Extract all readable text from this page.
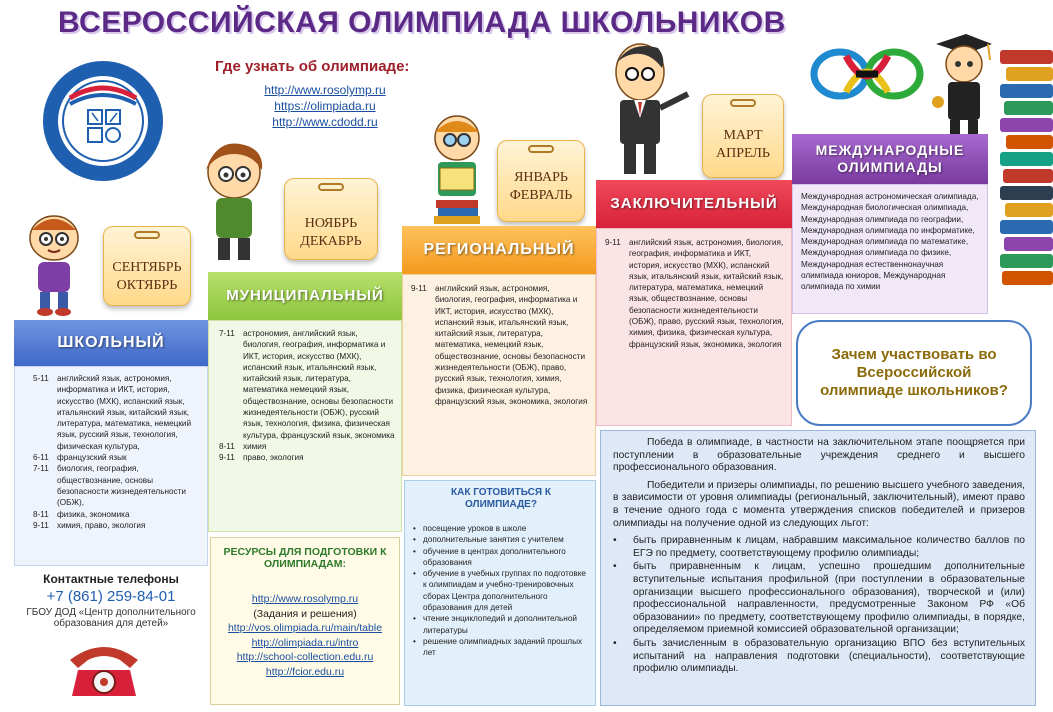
ВСЕРОССИЙСКАЯ ОЛИМПИАДА ШКОЛЬНИКОВ
Где узнать об олимпиаде:
http://www.rosolymp.ru
https://olimpiada.ru
http://www.cdodd.ru
СЕНТЯБРЬ
ОКТЯБРЬ
НОЯБРЬ
ДЕКАБРЬ
ЯНВАРЬ
ФЕВРАЛЬ
МАРТ
АПРЕЛЬ
ШКОЛЬНЫЙ
5-11	английский язык, астрономия, информатика и ИКТ, история, искусство (МХК), испанский язык, итальянский язык, китайский язык, литература, математика, немецкий язык, русский язык, технология, физическая культура,
6-11	французский язык
7-11	биология, география, обществознание, основы безопасности жизнедеятельности (ОБЖ),
8-11	физика, экономика
9-11	химия, право, экология
МУНИЦИПАЛЬНЫЙ
7-11	астрономия, английский язык, биология, география, информатика и ИКТ, история, искусство (МХК), испанский язык, итальянский язык, китайский язык, литература, математика немецкий язык, обществознание, основы безопасности жизнедеятельности (ОБЖ), русский язык, технология, физика, физическая культура, французский язык, экономика
8-11	химия
9-11	право, экология
РЕГИОНАЛЬНЫЙ
9-11	английский язык, астрономия, биология, география, информатика и ИКТ, история, искусство (МХК), испанский язык, итальянский язык, китайский язык, литература, математика, немецкий язык, обществознание, основы безопасности жизнедеятельности (ОБЖ), право, русский язык, технология, химия, физика, физическая культура, французский язык, экономика, экология
ЗАКЛЮЧИТЕЛЬНЫЙ
9-11	английский язык, астрономия, биология, география, информатика и ИКТ, история, искусство (МХК), испанский язык, итальянский язык, китайский язык, литература, математика, немецкий язык, обществознание, основы безопасности жизнедеятельности (ОБЖ), право, русский язык, технология, химия, физика, физическая культура, французский язык, экономика, экология
МЕЖДУНАРОДНЫЕ
ОЛИМПИАДЫ
Международная астрономическая олимпиада, Международная биологическая олимпиада, Международная олимпиада по географии, Международная олимпиада по информатике, Международная олимпиада по математике, Международная олимпиада по физике, Международная естественнонаучная олимпиада юниоров, Международная олимпиада по химии
Контактные телефоны
+7 (861) 259-84-01
ГБОУ ДОД «Центр дополнительного
образования для детей»
РЕСУРСЫ ДЛЯ ПОДГОТОВКИ К
ОЛИМПИАДАМ:
http://www.rosolymp.ru
(Задания и решения)
http://vos.olimpiada.ru/main/table
http://olimpiada.ru/intro
http://school-collection.edu.ru
http://fcior.edu.ru
КАК ГОТОВИТЬСЯ К
ОЛИМПИАДЕ?
• посещение уроков в школе
• дополнительные занятия с учителем
• обучение в центрах дополнительного образования
• обучение в учебных группах по подготовке к олимпиадам и учебно-тренировочных сборах Центра дополнительного образования для детей
• чтение энциклопедий и дополнительной литературы
• решение олимпиадных заданий прошлых лет
Зачем участвовать во
Всероссийской
олимпиаде школьников?

Победа в олимпиаде, в частности на заключительном этапе поощряется при поступлении в образовательные учреждения среднего и высшего профессионального образования.

Победители и призеры олимпиады, по решению высшего учебного заведения, в зависимости от уровня олимпиады (региональный, заключительный), имеют право в течение одного года с момента утверждения списков победителей и призеров олимпиады на получение одной из следующих льгот:

•	быть приравненным к лицам, набравшим максимальное количество баллов по ЕГЭ по предмету, соответствующему профилю олимпиады;
•	быть приравненным к лицам, успешно прошедшим дополнительные вступительные испытания профильной (при поступлении в образовательные организации высшего профессионального образования), творческой и (или) профессиональной направленности, предусмотренные Законом РФ «Об образовании» по предмету, соответствующему профилю олимпиады, в порядке, определяемом приемной комиссией образовательной организации;
•	быть зачисленным в образовательную организацию ВПО без вступительных испытаний на направления подготовки (специальности), соответствующие профилю олимпиады.
